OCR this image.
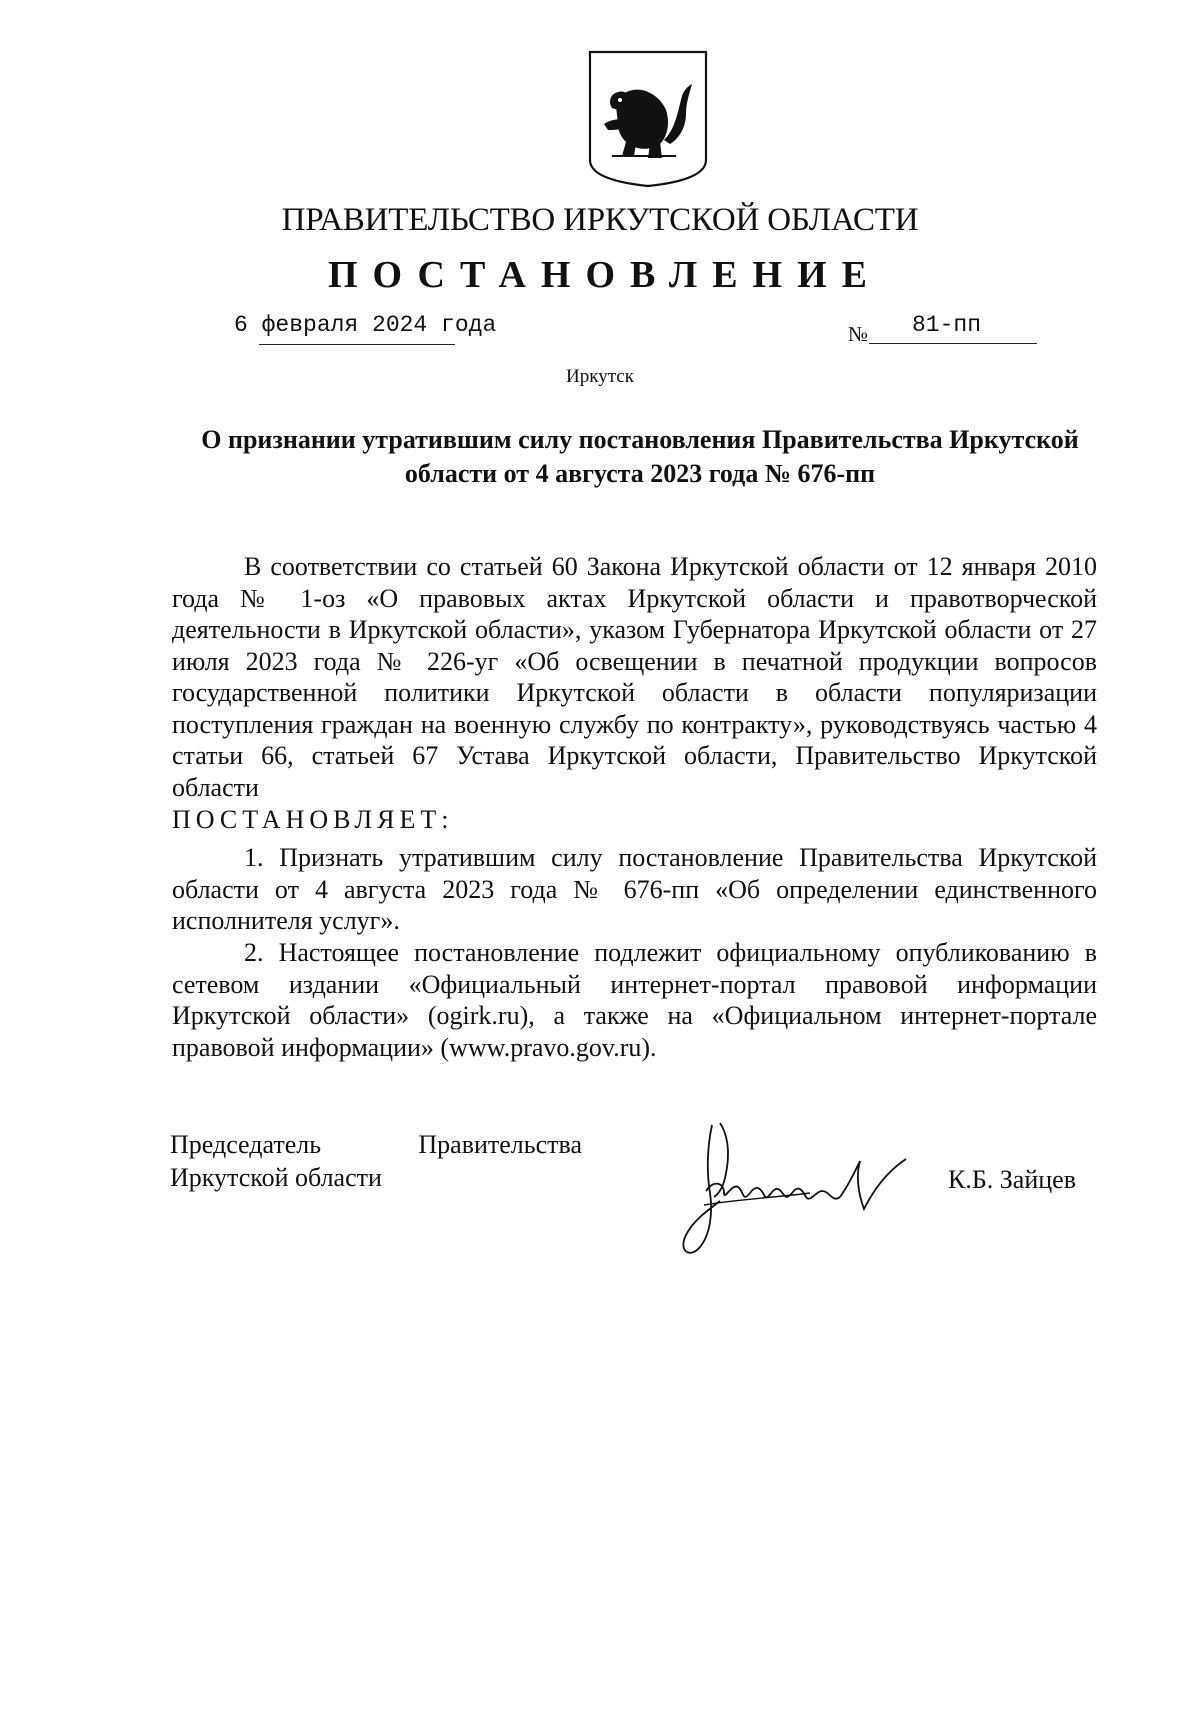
ПРАВИТЕЛЬСТВО ИРКУТСКОЙ ОБЛАСТИ
ПОСТАНОВЛЕНИЕ
6 февраля 2024 года	№ 81-пп
Иркутск
О признании утратившим силу постановления Правительства Иркутской
области от 4 августа 2023 года № 676-пп
В соответствии со статьей 60 Закона Иркутской области от 12 января 2010 года № 1-оз «О правовых актах Иркутской области и правотворческой деятельности в Иркутской области», указом Губернатора Иркутской области от 27 июля 2023 года № 226-уг «Об освещении в печатной продукции вопросов государственной политики Иркутской области в области популяризации поступления граждан на военную службу по контракту», руководствуясь частью 4 статьи 66, статьей 67 Устава Иркутской области, Правительство Иркутской области
ПОСТАНОВЛЯЕТ:
1. Признать утратившим силу постановление Правительства Иркутской области от 4 августа 2023 года № 676-пп «Об определении единственного исполнителя услуг».
2. Настоящее постановление подлежит официальному опубликованию в сетевом издании «Официальный интернет-портал правовой информации Иркутской области» (ogirk.ru), а также на «Официальном интернет-портале правовой информации» (www.pravo.gov.ru).
Председатель	Правительства
Иркутской области	К.Б. Зайцев
